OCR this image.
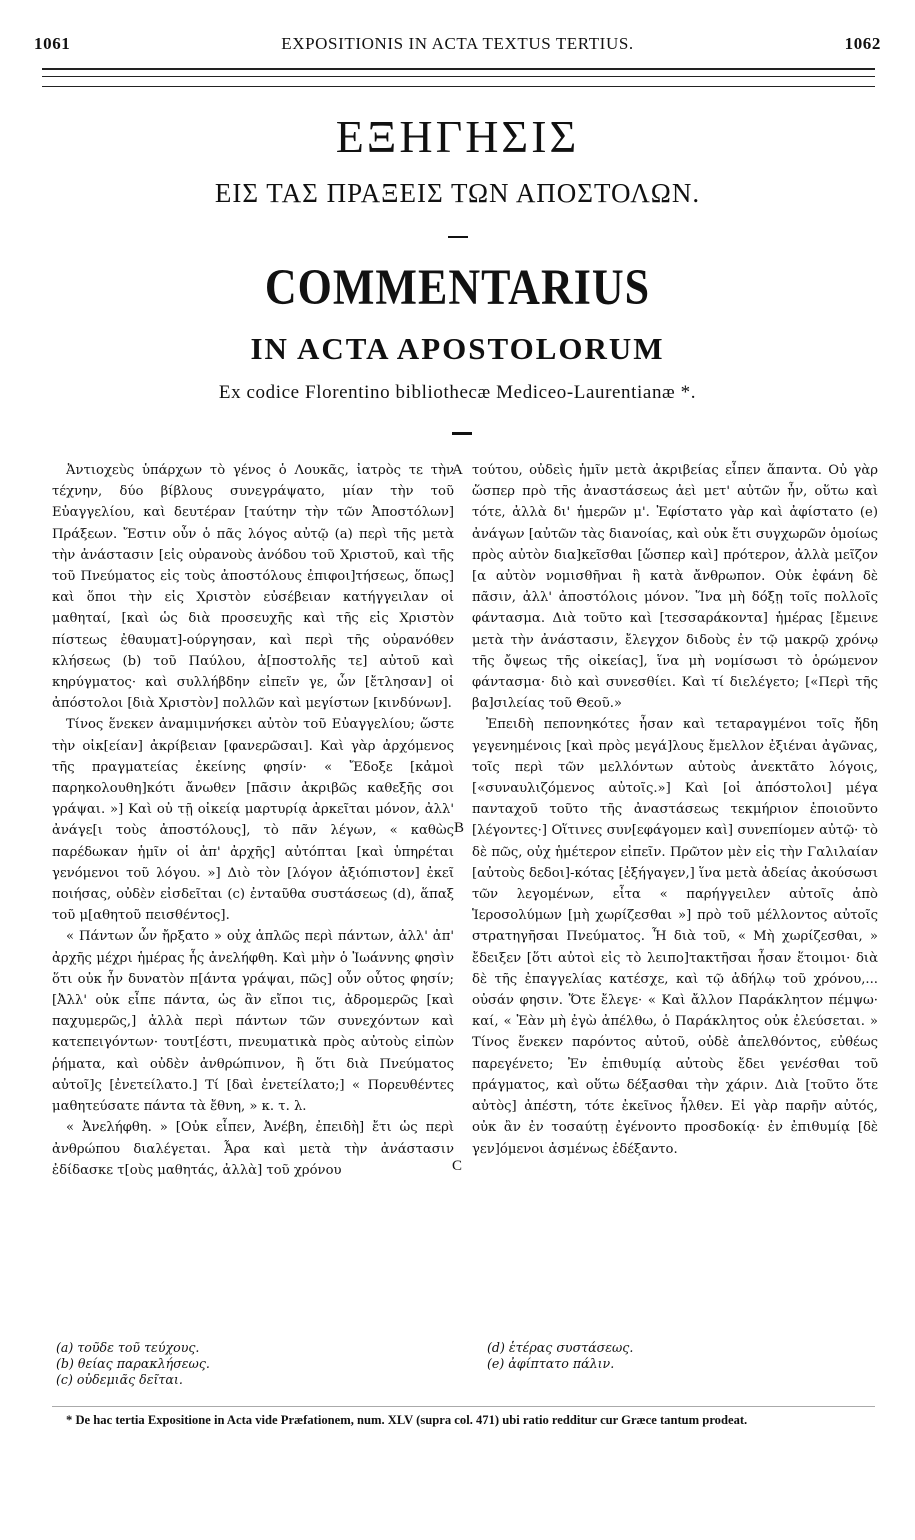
1061	EXPOSITIONIS IN ACTA TEXTUS TERTIUS.	1062
ΕΞΗΓΗΣΙΣ
ΕΙΣ ΤΑΣ ΠΡΑΞΕΙΣ ΤΩΝ ΑΠΟΣΤΟΛΩΝ.
COMMENTARIUS
IN ACTA APOSTOLORUM
Ex codice Florentino bibliothecæ Mediceo-Laurentianæ *.

Ἀντιοχεὺς ὑπάρχων τὸ γένος ὁ Λουκᾶς, ἰατρὸς τε τὴν τέχνην, δύο βίβλους συνεγράψατο, μίαν τὴν τοῦ Εὐαγγελίου, καὶ δευτέραν [ταύτην τὴν τῶν Ἀποστόλων] Πράξεων. Ἔστιν οὖν ὁ πᾶς λόγος αὐτῷ (a) περὶ τῆς μετὰ τὴν ἀνάστασιν [εἰς οὐρανοὺς ἀνόδου τοῦ Χριστοῦ, καὶ τῆς τοῦ Πνεύματος εἰς τοὺς ἀποστόλους ἐπιφοι]τήσεως, ὅπως] καὶ ὅποι τὴν εἰς Χριστὸν εὐσέβειαν κατήγγειλαν οἱ μαθηταί, [καὶ ὡς διὰ προσευχῆς καὶ τῆς εἰς Χριστὸν πίστεως ἐθαυματ]-ούργησαν, καὶ περὶ τῆς οὐρανόθεν κλήσεως (b) τοῦ Παύλου, ἀ[ποστολῆς τε] αὐτοῦ καὶ κηρύγματος· καὶ συλλήβδην εἰπεῖν γε, ὧν [ἔτλησαν] οἱ ἀπόστολοι [διὰ Χριστὸν] πολλῶν καὶ μεγίστων [κινδύνων].

Τίνος ἕνεκεν ἀναμιμνήσκει αὐτὸν τοῦ Εὐαγγελίου; ὥστε τὴν οἰκ[είαν] ἀκρίβειαν [φανερῶσαι]. Καὶ γὰρ ἀρχόμενος τῆς πραγματείας ἐκείνης φησίν· « Ἔδοξε [κἀμοὶ παρηκολουθη]κότι ἄνωθεν [πᾶσιν ἀκριβῶς καθεξῆς σοι γράψαι. »] Καὶ οὐ τῇ οἰκείᾳ μαρτυρίᾳ ἀρκεῖται μόνον, ἀλλ' ἀνάγε[ι τοὺς ἀποστόλους], τὸ πᾶν λέγων, « καθὼς παρέδωκαν ἡμῖν οἱ ἀπ' ἀρχῆς] αὐτόπται [καὶ ὑπηρέται γενόμενοι τοῦ λόγου. »] Διὸ τὸν [λόγον ἀξιόπιστον] ἐκεῖ ποιήσας, οὐδὲν εἰσδεῖται (c) ἐνταῦθα συστάσεως (d), ἅπαξ τοῦ μ[αθητοῦ πεισθέντος].

« Πάντων ὧν ἤρξατο » οὐχ ἁπλῶς περὶ πάντων, ἀλλ' ἀπ' ἀρχῆς μέχρι ἡμέρας ἧς ἀνελήφθη. Καὶ μὴν ὁ Ἰωάννης φησὶν ὅτι οὐκ ἦν δυνατὸν π[άντα γράψαι, πῶς] οὖν οὗτος φησίν; [Ἀλλ' οὐκ εἶπε πάντα, ὡς ἂν εἴποι τις, ἀδρομερῶς [καὶ παχυμερῶς,] ἀλλὰ περὶ πάντων τῶν συνεχόντων καὶ κατεπειγόντων· τουτ[έστι, πνευματικὰ πρὸς αὐτοὺς εἰπὼν ῥήματα, καὶ οὐδὲν ἀνθρώπινον, ἢ ὅτι διὰ Πνεύματος αὐτοῖ]ς [ἐνετείλατο.] Τί [δαὶ ἐνετείλατο;] « Πορευθέντες μαθητεύσατε πάντα τὰ ἔθνη, » κ. τ. λ.

« Ἀνελήφθη. » [Οὐκ εἶπεν, Ἀνέβη, ἐπειδὴ] ἔτι ὡς περὶ ἀνθρώπου διαλέγεται. Ἆρα καὶ μετὰ τὴν ἀνάστασιν ἐδίδασκε τ[οὺς μαθητάς, ἀλλὰ] τοῦ χρόνου

A
B
C

τούτου, οὐδεὶς ἡμῖν μετὰ ἀκριβείας εἶπεν ἅπαντα. Οὐ γὰρ ὥσπερ πρὸ τῆς ἀναστάσεως ἀεὶ μετ' αὐτῶν ἦν, οὕτω καὶ τότε, ἀλλὰ δι' ἡμερῶν μ'. Ἐφίστατο γὰρ καὶ ἀφίστατο (e) ἀνάγων [αὐτῶν τὰς διανοίας, καὶ οὐκ ἔτι συγχωρῶν ὁμοίως πρὸς αὐτὸν δια]κεῖσθαι [ὥσπερ καὶ] πρότερον, ἀλλὰ μεῖζον [α αὐτὸν νομισθῆναι ἢ κατὰ ἄνθρωπον. Οὐκ ἐφάνη δὲ πᾶσιν, ἀλλ' ἀποστόλοις μόνον. Ἵνα μὴ δόξῃ τοῖς πολλοῖς φάντασμα. Διὰ τοῦτο καὶ [τεσσαράκοντα] ἡμέρας [ἔμεινε μετὰ τὴν ἀνάστασιν, ἔλεγχον διδοὺς ἐν τῷ μακρῷ χρόνῳ τῆς ὄψεως τῆς οἰκείας], ἵνα μὴ νομίσωσι τὸ ὁρώμενον φάντασμα· διὸ καὶ συνεσθίει. Καὶ τί διελέγετο; [«Περὶ τῆς βα]σιλείας τοῦ Θεοῦ.»

Ἐπειδὴ πεπονηκότες ἦσαν καὶ τεταραγμένοι τοῖς ἤδη γεγενημένοις [καὶ πρὸς μεγά]λους ἔμελλον ἐξιέναι ἀγῶνας, τοῖς περὶ τῶν μελλόντων αὐτοὺς ἀνεκτᾶτο λόγοις, [«συναυλιζόμενος αὐτοῖς.»] Καὶ [οἱ ἀπόστολοι] μέγα πανταχοῦ τοῦτο τῆς ἀναστάσεως τεκμήριον ἐποιοῦντο [λέγοντες·] Οἵτινες συν[εφάγομεν καὶ] συνεπίομεν αὐτῷ· τὸ δὲ πῶς, οὐχ ἡμέτερον εἰπεῖν. Πρῶτον μὲν εἰς τὴν Γαλιλαίαν [αὐτοὺς δεδοι]-κότας [ἐξήγαγεν,] ἵνα μετὰ ἀδείας ἀκούσωσι τῶν λεγομένων, εἶτα « παρήγγειλεν αὐτοῖς ἀπὸ Ἱεροσολύμων [μὴ χωρίζεσθαι »] πρὸ τοῦ μέλλοντος αὐτοῖς στρατηγῆσαι Πνεύματος. Ἦ διὰ τοῦ, « Μὴ χωρίζεσθαι, » ἔδειξεν [ὅτι αὐτοὶ εἰς τὸ λειπο]τακτῆσαι ἦσαν ἕτοιμοι· διὰ δὲ τῆς ἐπαγγελίας κατέσχε, καὶ τῷ ἀδήλῳ τοῦ χρόνου,... οὐσάν φησιν. Ὅτε ἔλεγε· « Καὶ ἄλλον Παράκλητον πέμψω· καί, « Ἐὰν μὴ ἐγὼ ἀπέλθω, ὁ Παράκλητος οὐκ ἐλεύσεται. » Τίνος ἕνεκεν παρόντος αὐτοῦ, οὐδὲ ἀπελθόντος, εὐθέως παρεγένετο; Ἐν ἐπιθυμίᾳ αὐτοὺς ἔδει γενέσθαι τοῦ πράγματος, καὶ οὕτω δέξασθαι τὴν χάριν. Διὰ [τοῦτο ὅτε αὐτὸς] ἀπέστη, τότε ἐκεῖνος ἦλθεν. Εἰ γὰρ παρῆν αὐτός, οὐκ ἂν ἐν τοσαύτῃ ἐγένοντο προσδοκίᾳ· ἐν ἐπιθυμίᾳ [δὲ γεν]όμενοι ἀσμένως ἐδέξαντο.

(a) τοῦδε τοῦ τεύχους.
(b) θείας παρακλήσεως.
(c) οὐδεμιᾶς δεῖται.
(d) ἑτέρας συστάσεως.
(e) ἀφίπτατο πάλιν.
* De hac tertia Expositione in Acta vide Præfationem, num. XLV (supra col. 471) ubi ratio redditur cur Græce tantum prodeat.
